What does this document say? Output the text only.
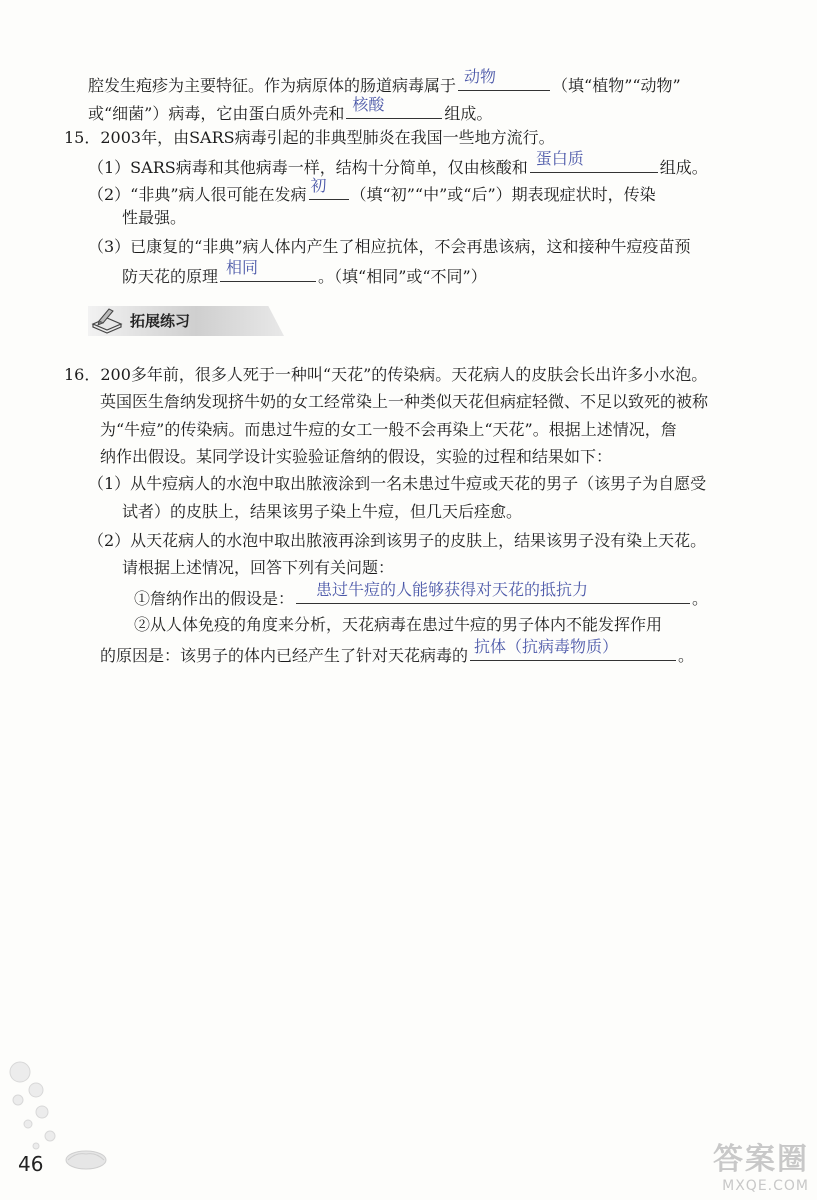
腔发生疱疹为主要特征。作为病原体的肠道病毒属于 动物	（填“植物”“动物”
或“细菌”）病毒，它由蛋白质外壳和 核酸	组成。
15．2003年，由SARS病毒引起的非典型肺炎在我国一些地方流行。
（1）SARS病毒和其他病毒一样，结构十分简单，仅由核酸和 蛋白质	组成。
（2）“非典”病人很可能在发病 初 （填“初”“中”或“后”）期表现症状时，传染
性最强。
（3）已康复的“非典”病人体内产生了相应抗体，不会再患该病，这和接种牛痘疫苗预
防天花的原理 相同	。（填“相同”或“不同”）
拓展练习
16．200多年前，很多人死于一种叫“天花”的传染病。天花病人的皮肤会长出许多小水泡。
英国医生詹纳发现挤牛奶的女工经常染上一种类似天花但病症轻微、不足以致死的被称
为“牛痘”的传染病。而患过牛痘的女工一般不会再染上“天花”。根据上述情况，詹
纳作出假设。某同学设计实验验证詹纳的假设，实验的过程和结果如下：
（1）从牛痘病人的水泡中取出脓液涂到一名未患过牛痘或天花的男子（该男子为自愿受
试者）的皮肤上，结果该男子染上牛痘，但几天后痊愈。
（2）从天花病人的水泡中取出脓液再涂到该男子的皮肤上，结果该男子没有染上天花。
请根据上述情况，回答下列有关问题：
①詹纳作出的假设是： 患过牛痘的人能够获得对天花的抵抗力	。
②从人体免疫的角度来分析，天花病毒在患过牛痘的男子体内不能发挥作用
的原因是：该男子的体内已经产生了针对天花病毒的 抗体（抗病毒物质）	。
46	答案圈
MXQE.COM
